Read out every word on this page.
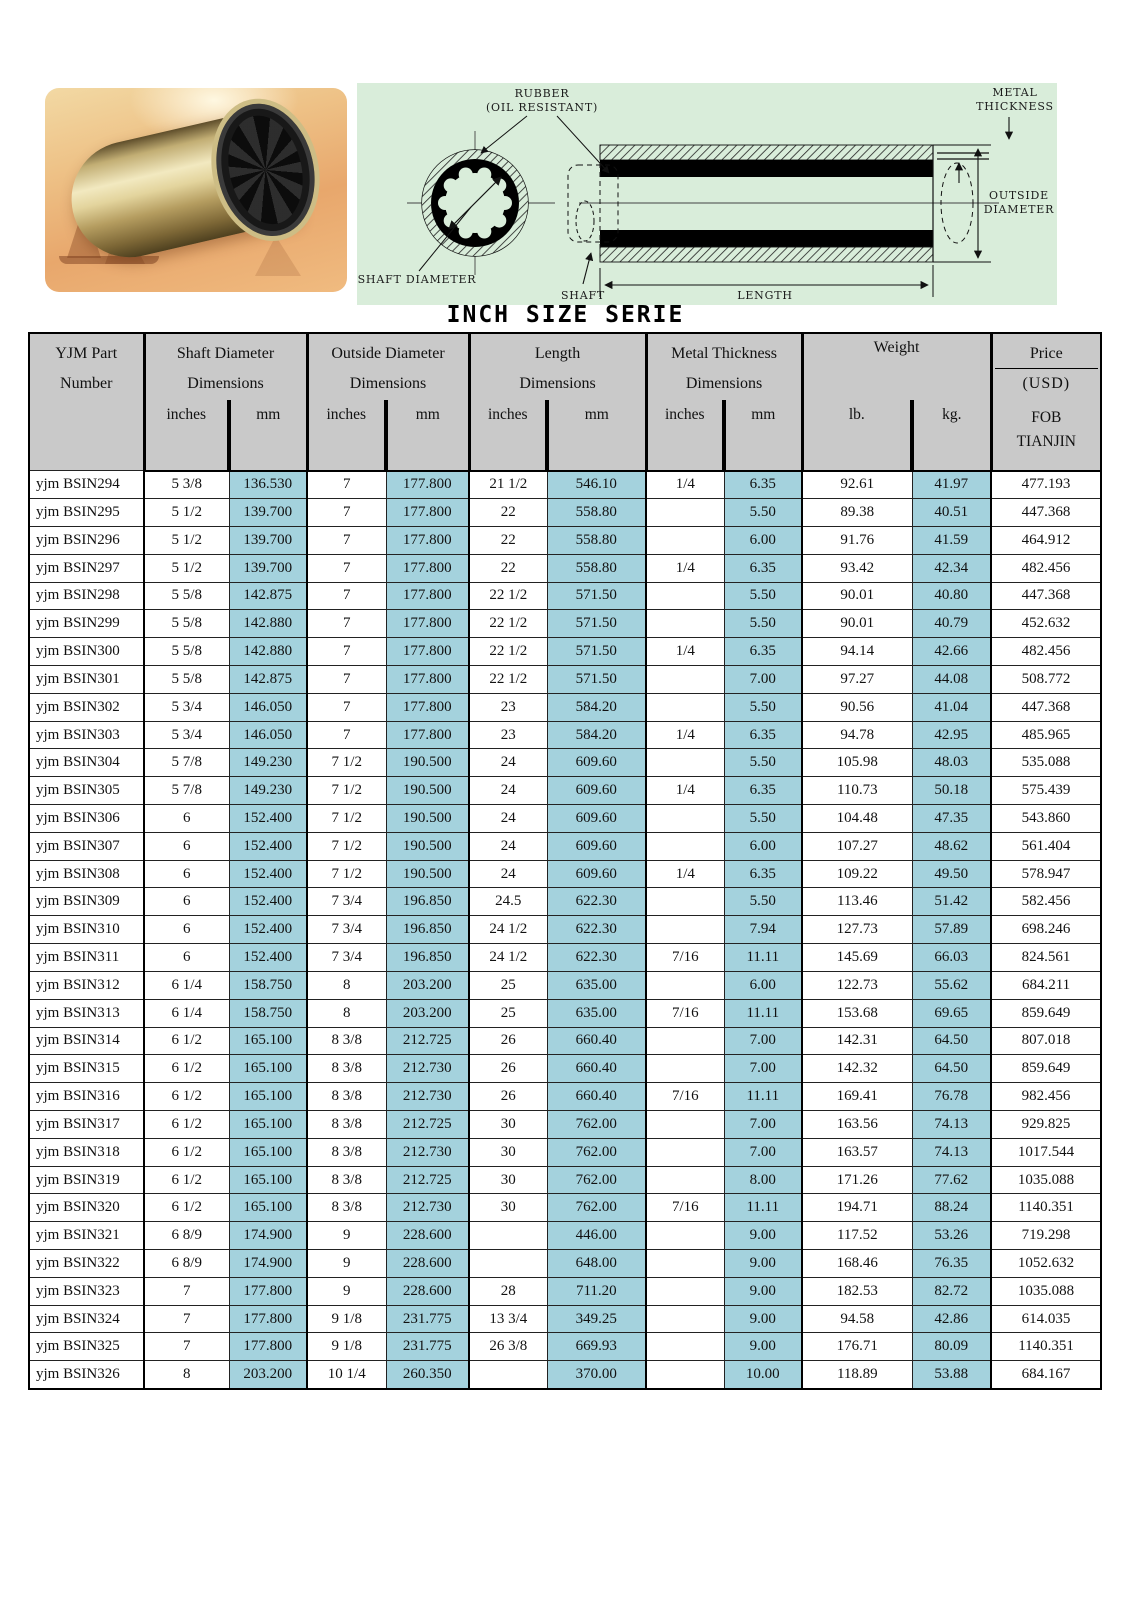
RUBBER
(OIL RESISTANT)
SHAFT DIAMETER
SHAFT	LENGTH
METAL
THICKNESS
OUTSIDE
DIAMETER
INCH SIZE SERIE
YJM Part
Number

Shaft Diameter
Dimensions

Outside Diameter
Dimensions

Length
Dimensions

Metal Thickness
Dimensions

Weight	Price
(USD)

	inches	mm	inches	mm	inches	mm	inches	mm	lb.	kg.	FOB
TIANJIN

yjm BSIN294	5 3/8	136.530	7	177.800	21 1/2	546.10	1/4	6.35	92.61	41.97	477.193
yjm BSIN295	5 1/2	139.700	7	177.800	22	558.80		5.50	89.38	40.51	447.368
yjm BSIN296	5 1/2	139.700	7	177.800	22	558.80		6.00	91.76	41.59	464.912
yjm BSIN297	5 1/2	139.700	7	177.800	22	558.80	1/4	6.35	93.42	42.34	482.456
yjm BSIN298	5 5/8	142.875	7	177.800	22 1/2	571.50		5.50	90.01	40.80	447.368
yjm BSIN299	5 5/8	142.880	7	177.800	22 1/2	571.50		5.50	90.01	40.79	452.632
yjm BSIN300	5 5/8	142.880	7	177.800	22 1/2	571.50	1/4	6.35	94.14	42.66	482.456
yjm BSIN301	5 5/8	142.875	7	177.800	22 1/2	571.50		7.00	97.27	44.08	508.772
yjm BSIN302	5 3/4	146.050	7	177.800	23	584.20		5.50	90.56	41.04	447.368
yjm BSIN303	5 3/4	146.050	7	177.800	23	584.20	1/4	6.35	94.78	42.95	485.965
yjm BSIN304	5 7/8	149.230	7 1/2	190.500	24	609.60		5.50	105.98	48.03	535.088
yjm BSIN305	5 7/8	149.230	7 1/2	190.500	24	609.60	1/4	6.35	110.73	50.18	575.439
yjm BSIN306	6	152.400	7 1/2	190.500	24	609.60		5.50	104.48	47.35	543.860
yjm BSIN307	6	152.400	7 1/2	190.500	24	609.60		6.00	107.27	48.62	561.404
yjm BSIN308	6	152.400	7 1/2	190.500	24	609.60	1/4	6.35	109.22	49.50	578.947
yjm BSIN309	6	152.400	7 3/4	196.850	24.5	622.30		5.50	113.46	51.42	582.456
yjm BSIN310	6	152.400	7 3/4	196.850	24 1/2	622.30		7.94	127.73	57.89	698.246
yjm BSIN311	6	152.400	7 3/4	196.850	24 1/2	622.30	7/16	11.11	145.69	66.03	824.561
yjm BSIN312	6 1/4	158.750	8	203.200	25	635.00		6.00	122.73	55.62	684.211
yjm BSIN313	6 1/4	158.750	8	203.200	25	635.00	7/16	11.11	153.68	69.65	859.649
yjm BSIN314	6 1/2	165.100	8 3/8	212.725	26	660.40		7.00	142.31	64.50	807.018
yjm BSIN315	6 1/2	165.100	8 3/8	212.730	26	660.40		7.00	142.32	64.50	859.649
yjm BSIN316	6 1/2	165.100	8 3/8	212.730	26	660.40	7/16	11.11	169.41	76.78	982.456
yjm BSIN317	6 1/2	165.100	8 3/8	212.725	30	762.00		7.00	163.56	74.13	929.825
yjm BSIN318	6 1/2	165.100	8 3/8	212.730	30	762.00		7.00	163.57	74.13	1017.544
yjm BSIN319	6 1/2	165.100	8 3/8	212.725	30	762.00		8.00	171.26	77.62	1035.088
yjm BSIN320	6 1/2	165.100	8 3/8	212.730	30	762.00	7/16	11.11	194.71	88.24	1140.351
yjm BSIN321	6 8/9	174.900	9	228.600		446.00		9.00	117.52	53.26	719.298
yjm BSIN322	6 8/9	174.900	9	228.600		648.00		9.00	168.46	76.35	1052.632
yjm BSIN323	7	177.800	9	228.600	28	711.20		9.00	182.53	82.72	1035.088
yjm BSIN324	7	177.800	9 1/8	231.775	13 3/4	349.25		9.00	94.58	42.86	614.035
yjm BSIN325	7	177.800	9 1/8	231.775	26 3/8	669.93		9.00	176.71	80.09	1140.351
yjm BSIN326	8	203.200	10 1/4	260.350		370.00		10.00	118.89	53.88	684.167
